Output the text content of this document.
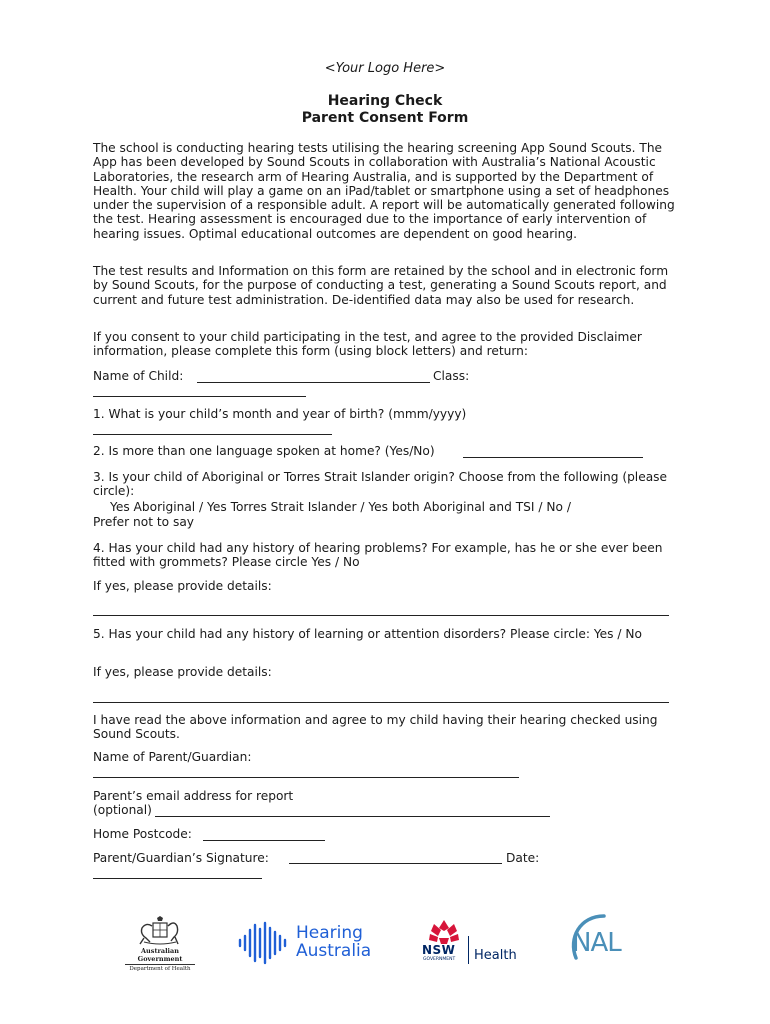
<Your Logo Here>
Hearing Check
Parent Consent Form

The school is conducting hearing tests utilising the hearing screening App Sound Scouts. The App has been developed by Sound Scouts in collaboration with Australia’s National Acoustic Laboratories, the research arm of Hearing Australia, and is supported by the Department of Health. Your child will play a game on an iPad/tablet or smartphone using a set of headphones under the supervision of a responsible adult. A report will be automatically generated following the test. Hearing assessment is encouraged due to the importance of early intervention of hearing issues. Optimal educational outcomes are dependent on good hearing.

The test results and Information on this form are retained by the school and in electronic form by Sound Scouts, for the purpose of conducting a test, generating a Sound Scouts report, and current and future test administration. De-identified data may also be used for research.

If you consent to your child participating in the test, and agree to the provided Disclaimer information, please complete this form (using block letters) and return:

Name of Child:	Class:
1. What is your child’s month and year of birth? (mmm/yyyy)
2. Is more than one language spoken at home? (Yes/No)

3. Is your child of Aboriginal or Torres Strait Islander origin? Choose from the following (please circle):

Yes Aboriginal / Yes Torres Strait Islander / Yes both Aboriginal and TSI / No /
Prefer not to say

4. Has your child had any history of hearing problems? For example, has he or she ever been fitted with grommets? Please circle Yes / No

If yes, please provide details:

5. Has your child had any history of learning or attention disorders? Please circle: Yes / No

If yes, please provide details:

I have read the above information and agree to my child having their hearing checked using Sound Scouts.

Name of Parent/Guardian:
Parent’s email address for report
(optional)
Home Postcode:
Parent/Guardian’s Signature:	Date:
Australian Government
Department of Health
Hearing
Australia	NSW
GOVERNMENT Health NAL
